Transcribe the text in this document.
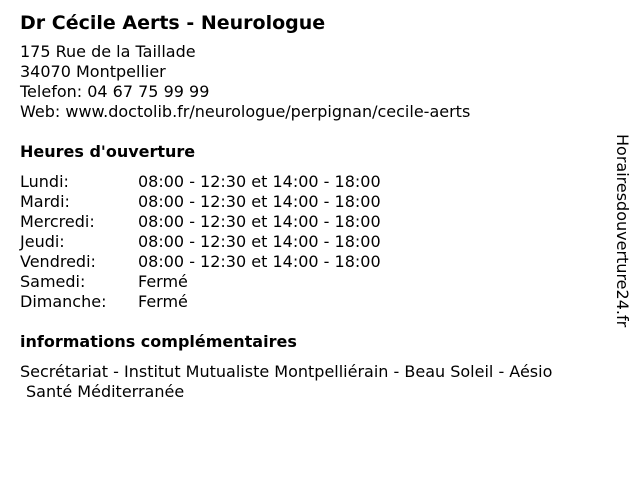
Dr Cécile Aerts - Neurologue
175 Rue de la Taillade
34070 Montpellier
Telefon: 04 67 75 99 99
Web: www.doctolib.fr/neurologue/perpignan/cecile-aerts
Heures d'ouverture
Lundi:	08:00 - 12:30 et 14:00 - 18:00
Mardi:	08:00 - 12:30 et 14:00 - 18:00
Mercredi:	08:00 - 12:30 et 14:00 - 18:00
Jeudi:	08:00 - 12:30 et 14:00 - 18:00
Vendredi:	08:00 - 12:30 et 14:00 - 18:00
Samedi:	Fermé
Dimanche:	Fermé
informations complémentaires
Secrétariat - Institut Mutualiste Montpelliérain - Beau Soleil - Aésio
Santé Méditerranée
Horairesdouverture24.fr
